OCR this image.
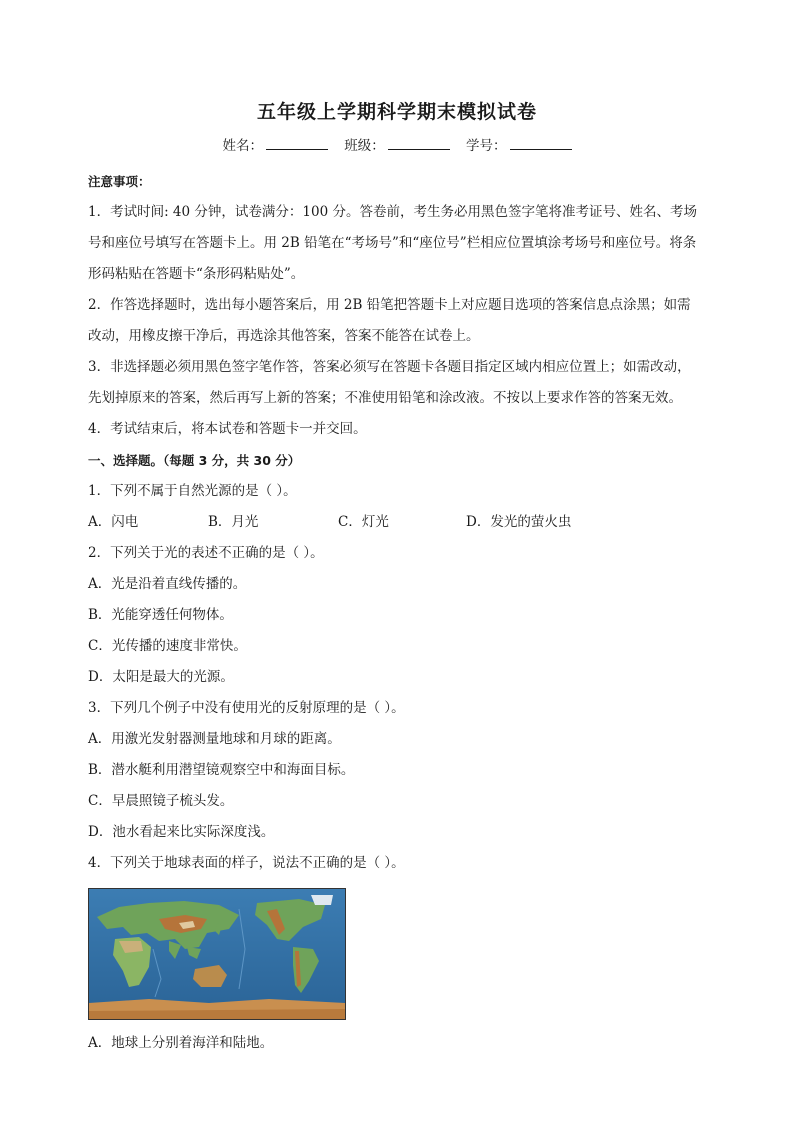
五年级上学期科学期末模拟试卷
姓名：	班级：	学号：
注意事项：
1．考试时间: 40 分钟，试卷满分：100 分。答卷前，考生务必用黑色签字笔将准考证号、姓名、考场
号和座位号填写在答题卡上。用 2B 铅笔在“考场号”和“座位号”栏相应位置填涂考场号和座位号。将条
形码粘贴在答题卡“条形码粘贴处”。
2．作答选择题时，选出每小题答案后，用 2B 铅笔把答题卡上对应题目选项的答案信息点涂黑；如需
改动，用橡皮擦干净后，再选涂其他答案，答案不能答在试卷上。
3．非选择题必须用黑色签字笔作答，答案必须写在答题卡各题目指定区域内相应位置上；如需改动，
先划掉原来的答案，然后再写上新的答案；不准使用铅笔和涂改液。不按以上要求作答的答案无效。
4．考试结束后，将本试卷和答题卡一并交回。
一、选择题。（每题 3 分，共 30 分）
1．下列不属于自然光源的是（ ）。
A．闪电	B．月光	C．灯光	D．发光的萤火虫
2．下列关于光的表述不正确的是（ ）。
A．光是沿着直线传播的。
B．光能穿透任何物体。
C．光传播的速度非常快。
D．太阳是最大的光源。
3．下列几个例子中没有使用光的反射原理的是（ ）。
A．用激光发射器测量地球和月球的距离。
B．潜水艇利用潜望镜观察空中和海面目标。
C．早晨照镜子梳头发。
D．池水看起来比实际深度浅。
4．下列关于地球表面的样子，说法不正确的是（ ）。
A．地球上分别着海洋和陆地。
